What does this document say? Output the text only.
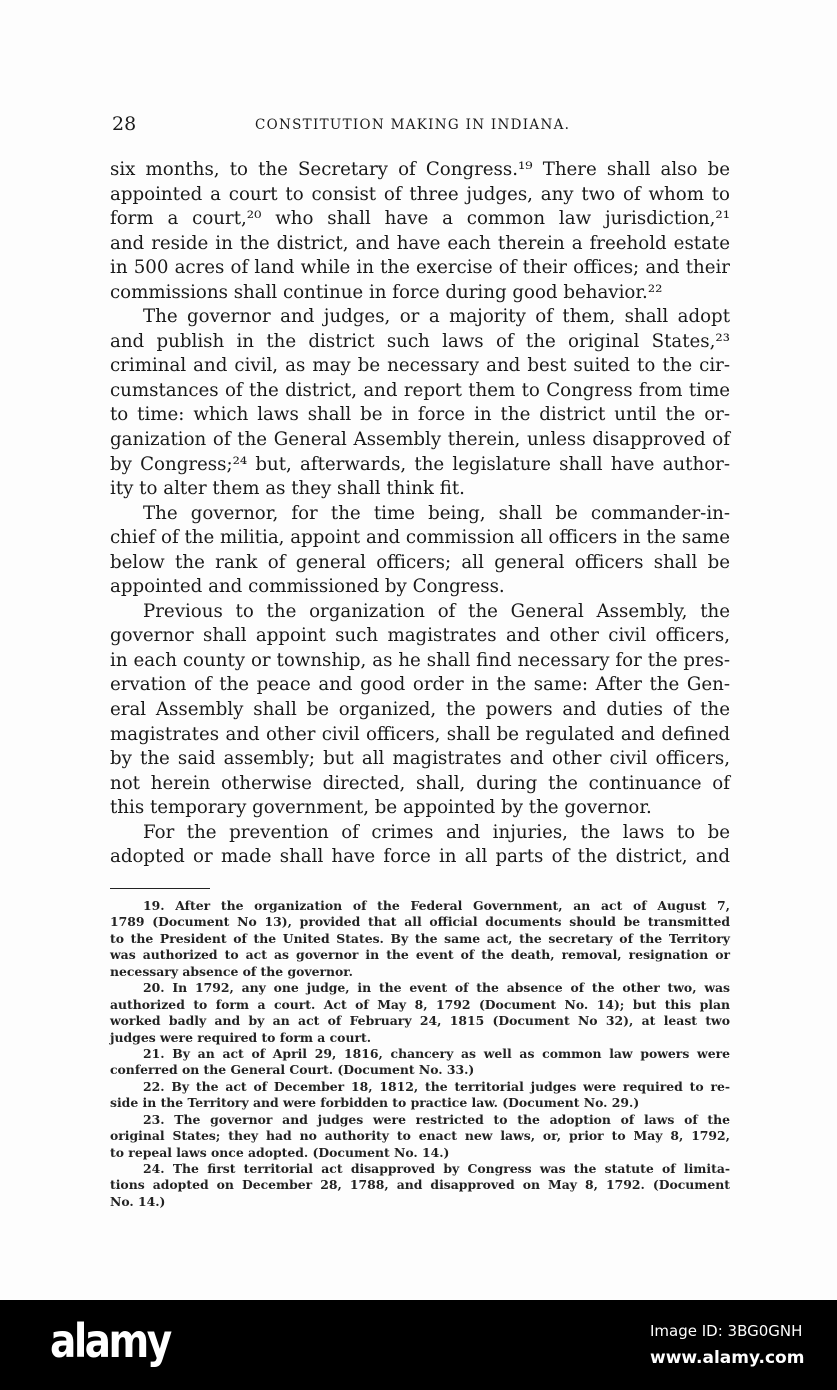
28	CONSTITUTION MAKING IN INDIANA.
six months, to the Secretary of Congress.¹⁹ There shall also be
appointed a court to consist of three judges, any two of whom to
form a court,²⁰ who shall have a common law jurisdiction,²¹
and reside in the district, and have each therein a freehold estate
in 500 acres of land while in the exercise of their offices; and their
commissions shall continue in force during good behavior.²²
The governor and judges, or a majority of them, shall adopt
and publish in the district such laws of the original States,²³
criminal and civil, as may be necessary and best suited to the cir-
cumstances of the district, and report them to Congress from time
to time: which laws shall be in force in the district until the or-
ganization of the General Assembly therein, unless disapproved of
by Congress;²⁴ but, afterwards, the legislature shall have author-
ity to alter them as they shall think fit.
The governor, for the time being, shall be commander-in-
chief of the militia, appoint and commission all officers in the same
below the rank of general officers; all general officers shall be
appointed and commissioned by Congress.
Previous to the organization of the General Assembly, the
governor shall appoint such magistrates and other civil officers,
in each county or township, as he shall find necessary for the pres-
ervation of the peace and good order in the same: After the Gen-
eral Assembly shall be organized, the powers and duties of the
magistrates and other civil officers, shall be regulated and defined
by the said assembly; but all magistrates and other civil officers,
not herein otherwise directed, shall, during the continuance of
this temporary government, be appointed by the governor.
For the prevention of crimes and injuries, the laws to be
adopted or made shall have force in all parts of the district, and
19. After the organization of the Federal Government, an act of August 7,
1789 (Document No 13), provided that all official documents should be transmitted
to the President of the United States. By the same act, the secretary of the Territory
was authorized to act as governor in the event of the death, removal, resignation or
necessary absence of the governor.
20. In 1792, any one judge, in the event of the absence of the other two, was
authorized to form a court. Act of May 8, 1792 (Document No. 14); but this plan
worked badly and by an act of February 24, 1815 (Document No 32), at least two
judges were required to form a court.
21. By an act of April 29, 1816, chancery as well as common law powers were
conferred on the General Court. (Document No. 33.)
22. By the act of December 18, 1812, the territorial judges were required to re-
side in the Territory and were forbidden to practice law. (Document No. 29.)
23. The governor and judges were restricted to the adoption of laws of the
original States; they had no authority to enact new laws, or, prior to May 8, 1792,
to repeal laws once adopted. (Document No. 14.)
24. The first territorial act disapproved by Congress was the statute of limita-
tions adopted on December 28, 1788, and disapproved on May 8, 1792. (Document
No. 14.)
alamy	Image ID: 3BG0GNH
www.alamy.com
